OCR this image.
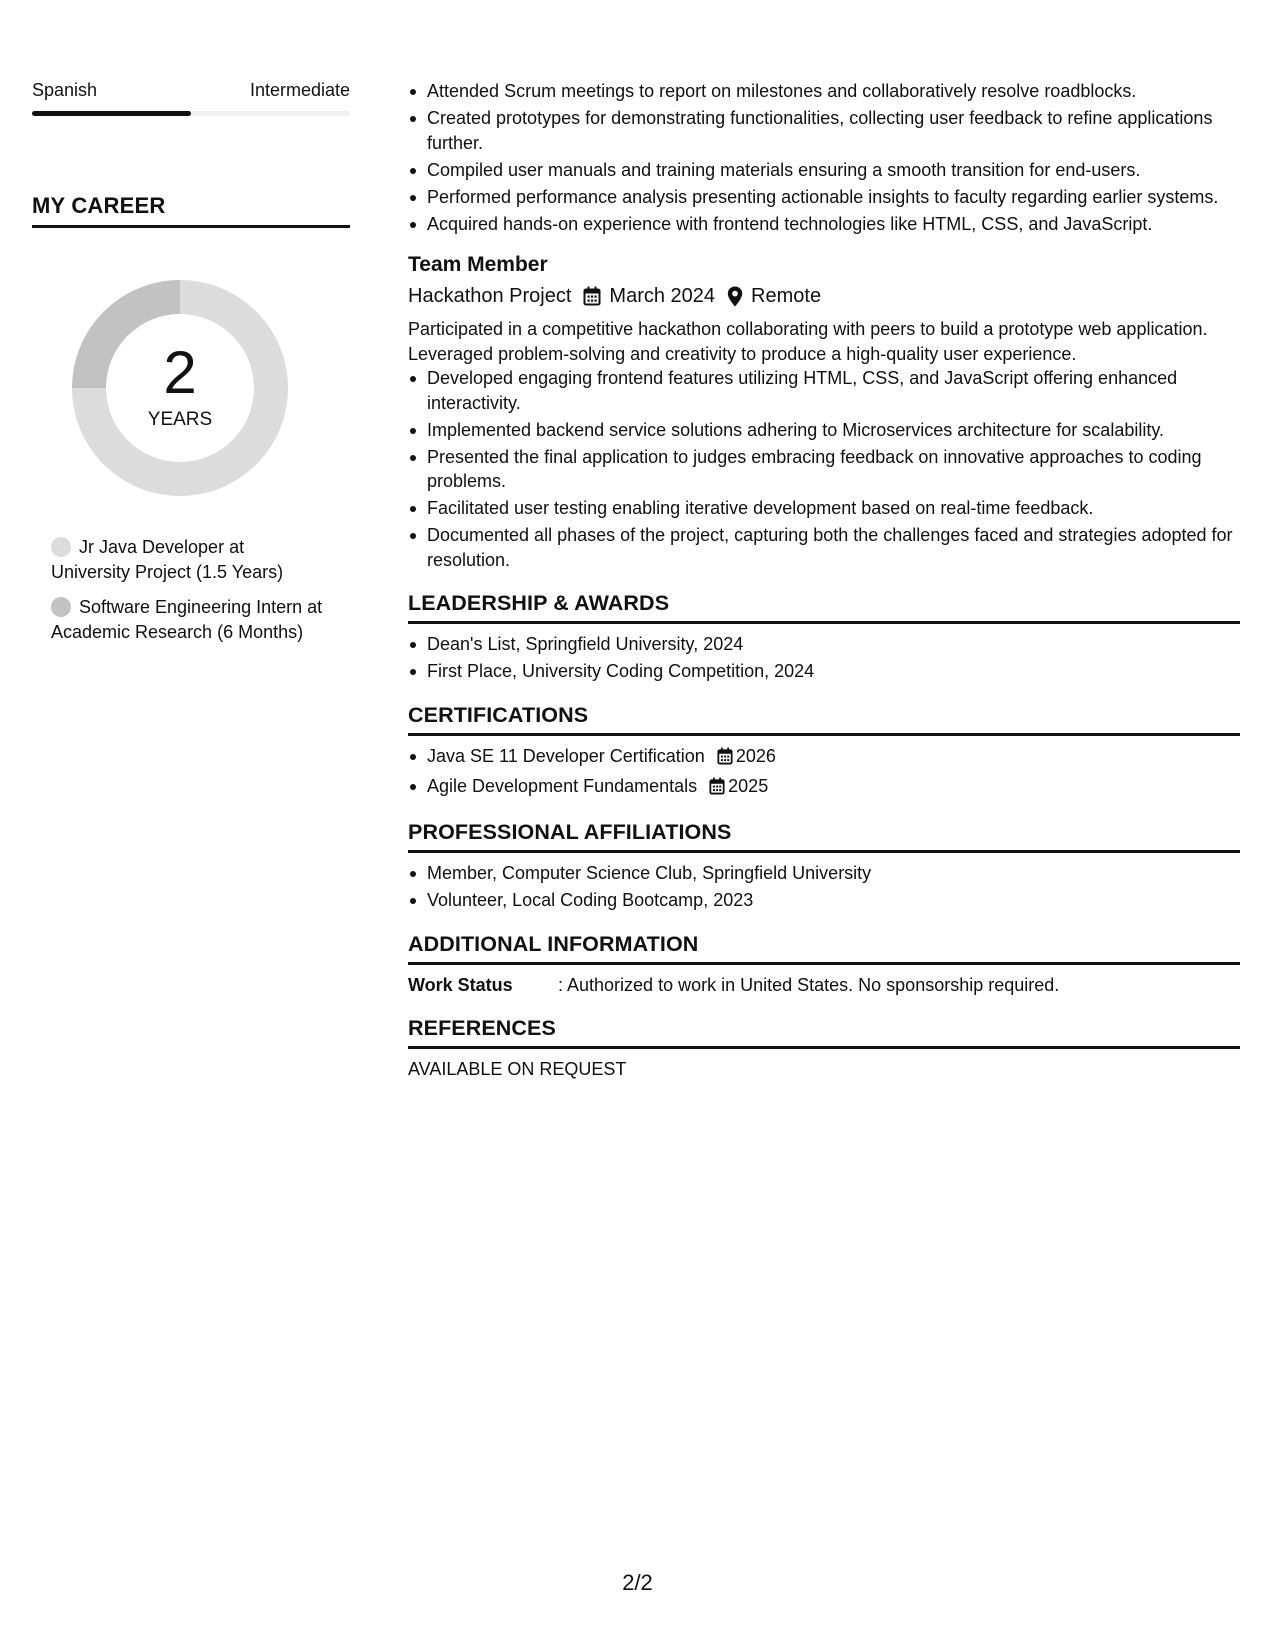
Spanish	Intermediate
MY CAREER
2
YEARS
Jr Java Developer at University Project (1.5 Years)
Software Engineering Intern at Academic Research (6 Months)
Attended Scrum meetings to report on milestones and collaboratively resolve roadblocks.
Created prototypes for demonstrating functionalities, collecting user feedback to refine applications further.
Compiled user manuals and training materials ensuring a smooth transition for end-users.
Performed performance analysis presenting actionable insights to faculty regarding earlier systems.
Acquired hands-on experience with frontend technologies like HTML, CSS, and JavaScript.
Team Member
Hackathon Project March 2024 Remote
Participated in a competitive hackathon collaborating with peers to build a prototype web application. Leveraged problem-solving and creativity to produce a high-quality user experience.
Developed engaging frontend features utilizing HTML, CSS, and JavaScript offering enhanced interactivity.
Implemented backend service solutions adhering to Microservices architecture for scalability.
Presented the final application to judges embracing feedback on innovative approaches to coding problems.
Facilitated user testing enabling iterative development based on real-time feedback.
Documented all phases of the project, capturing both the challenges faced and strategies adopted for resolution.
LEADERSHIP & AWARDS
Dean's List, Springfield University, 2024
First Place, University Coding Competition, 2024
CERTIFICATIONS
Java SE 11 Developer Certification 2026
Agile Development Fundamentals 2025
PROFESSIONAL AFFILIATIONS
Member, Computer Science Club, Springfield University
Volunteer, Local Coding Bootcamp, 2023
ADDITIONAL INFORMATION
Work Status	: Authorized to work in United States. No sponsorship required.
REFERENCES
AVAILABLE ON REQUEST
2/2
